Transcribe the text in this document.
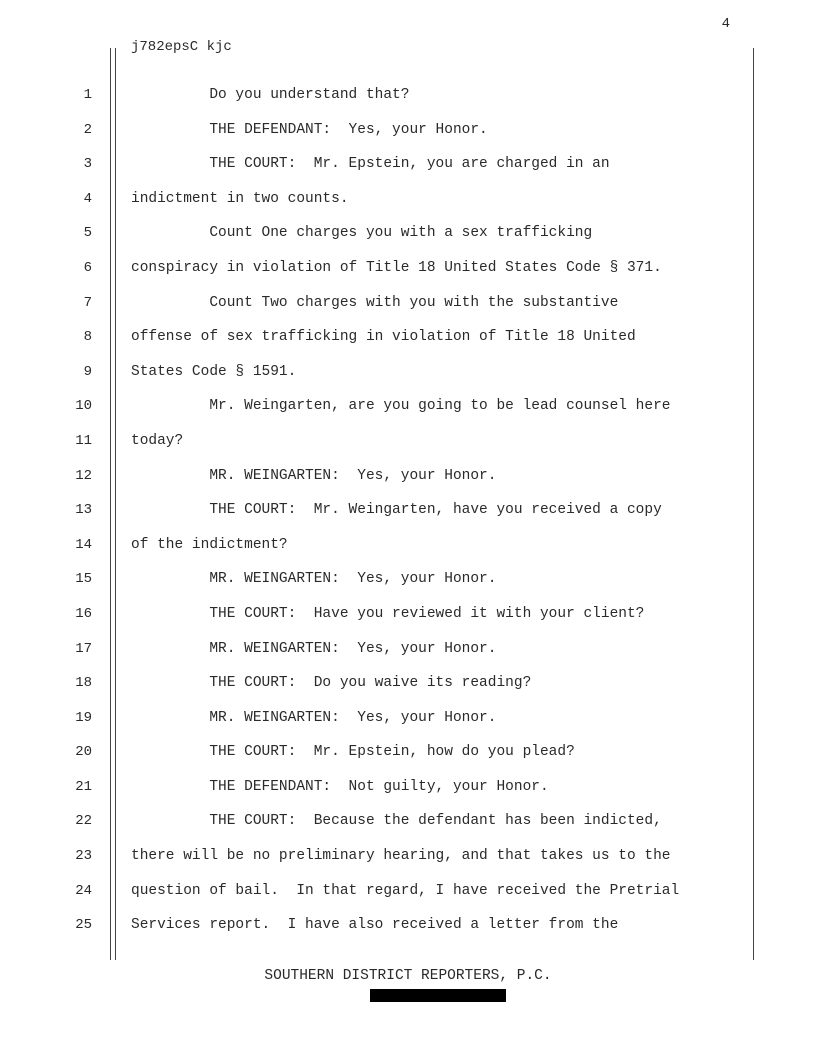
4
j782epsC kjc
1
2
3
4
5
6
7
8
9
10
11
12
13
14
15
16
17
18
19
20
21
22
23
24
25
Do you understand that?
THE DEFENDANT:  Yes, your Honor.
THE COURT:  Mr. Epstein, you are charged in an
indictment in two counts.
Count One charges you with a sex trafficking
conspiracy in violation of Title 18 United States Code § 371.
Count Two charges with you with the substantive
offense of sex trafficking in violation of Title 18 United
States Code § 1591.
Mr. Weingarten, are you going to be lead counsel here
today?
MR. WEINGARTEN:  Yes, your Honor.
THE COURT:  Mr. Weingarten, have you received a copy
of the indictment?
MR. WEINGARTEN:  Yes, your Honor.
THE COURT:  Have you reviewed it with your client?
MR. WEINGARTEN:  Yes, your Honor.
THE COURT:  Do you waive its reading?
MR. WEINGARTEN:  Yes, your Honor.
THE COURT:  Mr. Epstein, how do you plead?
THE DEFENDANT:  Not guilty, your Honor.
THE COURT:  Because the defendant has been indicted,
there will be no preliminary hearing, and that takes us to the
question of bail.  In that regard, I have received the Pretrial
Services report.  I have also received a letter from the
SOUTHERN DISTRICT REPORTERS, P.C.
